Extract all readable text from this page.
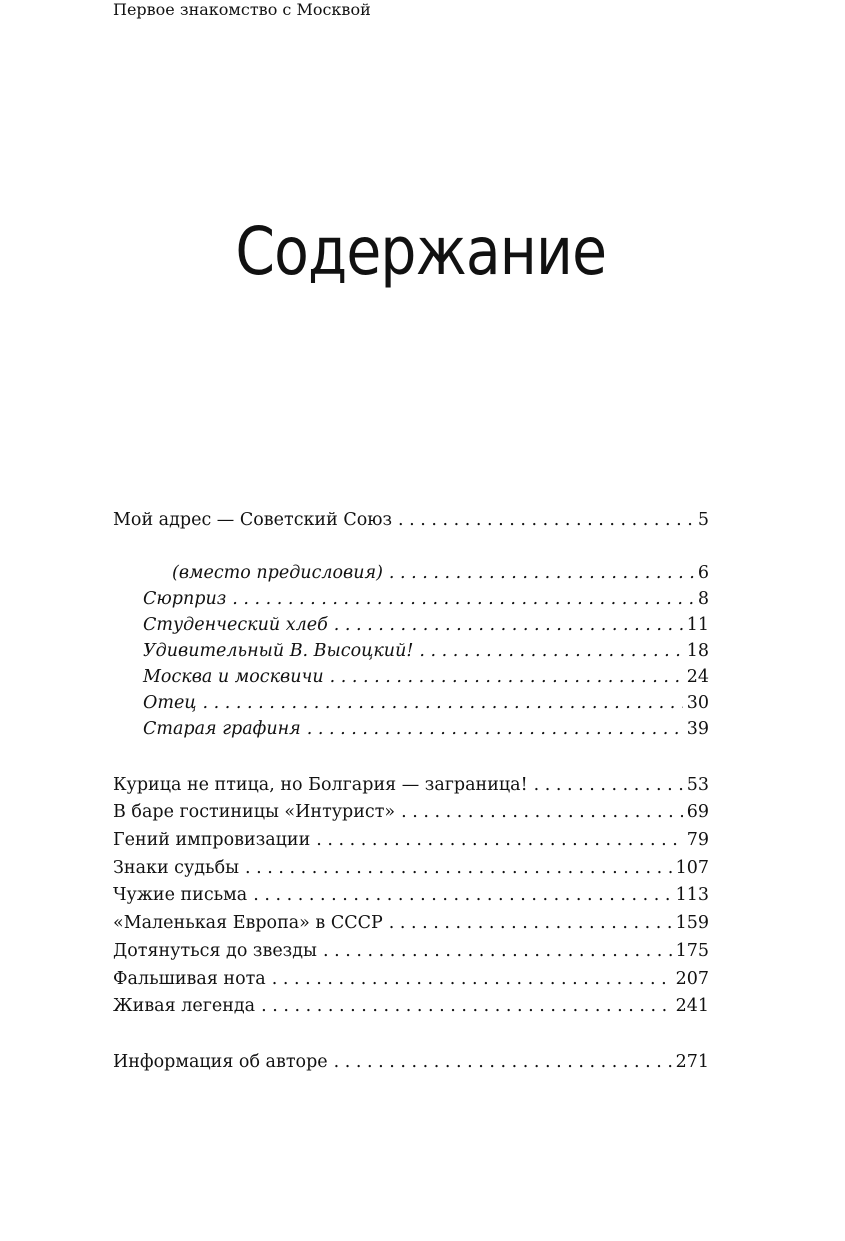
Содержание
Мой адрес — Советский Союз . . .	5
Первое знакомство с Москвой
(вместо предисловия) . . .	6
Сюрприз . . .	8
Студенческий хлеб . . .	11
Удивительный В. Высоцкий! . . .	18
Москва и москвичи . . .	24
Отец . . .	30
Старая графиня . . .	39
Курица не птица, но Болгария — заграница! . . .	53
В баре гостиницы «Интурист» . . .	69
Гений импровизации . . .	79
Знаки судьбы . . .	107
Чужие письма . . .	113
«Маленькая Европа» в СССР . . .	159
Дотянуться до звезды . . .	175
Фальшивая нота . . .	207
Живая легенда . . .	241
Информация об авторе . . .	271
